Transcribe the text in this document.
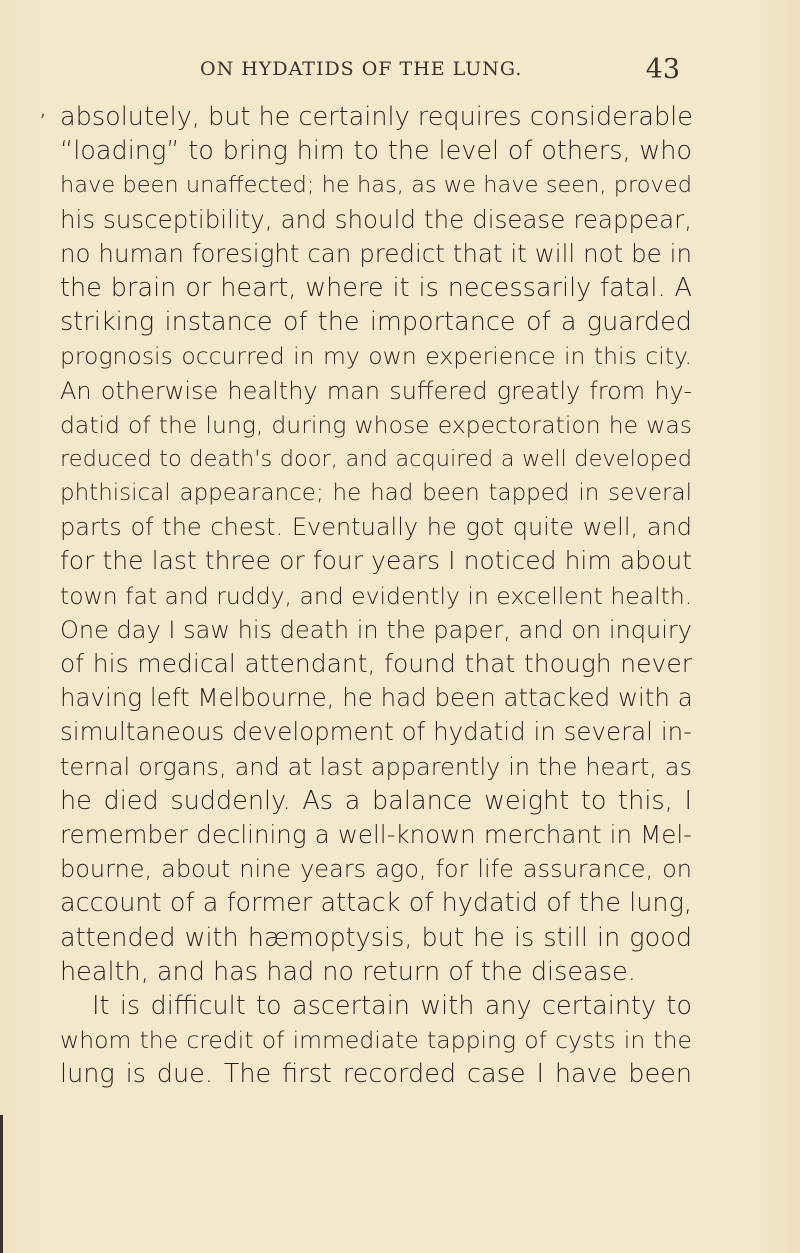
ON HYDATIDS OF THE LUNG.	43
, absolutely, but he certainly requires considerable
“loading” to bring him to the level of others, who
have been unaffected; he has, as we have seen, proved
his susceptibility, and should the disease reappear,
no human foresight can predict that it will not be in
the brain or heart, where it is necessarily fatal. A
striking instance of the importance of a guarded
prognosis occurred in my own experience in this city.
An otherwise healthy man suffered greatly from hy-
datid of the lung, during whose expectoration he was
reduced to death's door, and acquired a well developed
phthisical appearance; he had been tapped in several
parts of the chest. Eventually he got quite well, and
for the last three or four years I noticed him about
town fat and ruddy, and evidently in excellent health.
One day I saw his death in the paper, and on inquiry
of his medical attendant, found that though never
having left Melbourne, he had been attacked with a
simultaneous development of hydatid in several in-
ternal organs, and at last apparently in the heart, as
he died suddenly. As a balance weight to this, I
remember declining a well-known merchant in Mel-
bourne, about nine years ago, for life assurance, on
account of a former attack of hydatid of the lung,
attended with hæmoptysis, but he is still in good
health, and has had no return of the disease.
It is difficult to ascertain with any certainty to
whom the credit of immediate tapping of cysts in the
lung is due. The first recorded case I have been
